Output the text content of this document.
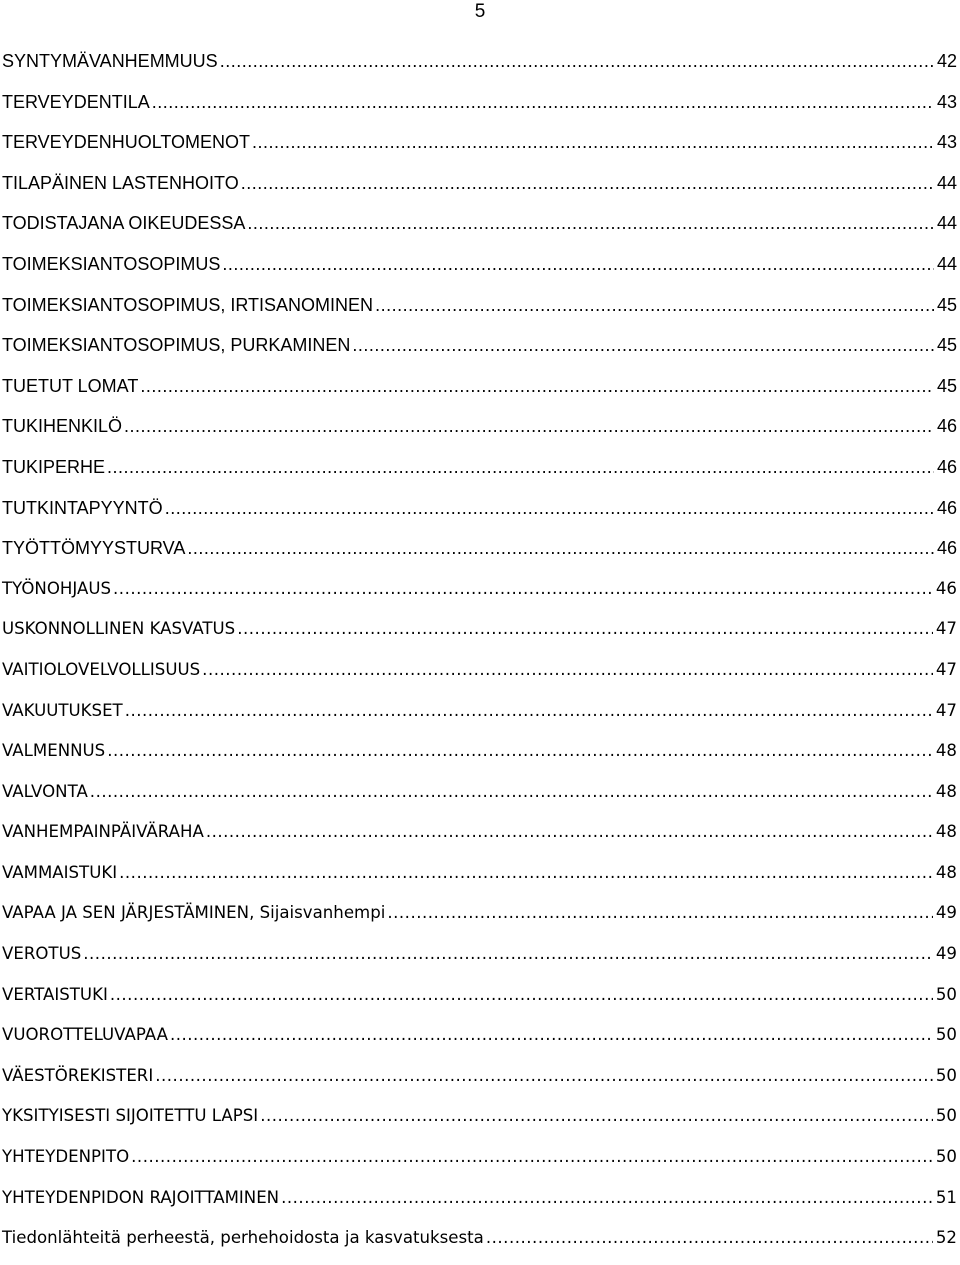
5
SYNTYMÄVANHEMMUUS .....	42
TERVEYDENTILA .....	43
TERVEYDENHUOLTOMENOT .....	43
TILAPÄINEN LASTENHOITO .....	44
TODISTAJANA OIKEUDESSA .....	44
TOIMEKSIANTOSOPIMUS .....	44
TOIMEKSIANTOSOPIMUS, IRTISANOMINEN .....	45
TOIMEKSIANTOSOPIMUS, PURKAMINEN .....	45
TUETUT LOMAT .....	45
TUKIHENKILÖ .....	46
TUKIPERHE .....	46
TUTKINTAPYYNTÖ .....	46
TYÖTTÖMYYSTURVA .....	46
TYÖNOHJAUS .....	46
USKONNOLLINEN KASVATUS .....	47
VAITIOLOVELVOLLISUUS .....	47
VAKUUTUKSET .....	47
VALMENNUS .....	48
VALVONTA .....	48
VANHEMPAINPÄIVÄRAHA .....	48
VAMMAISTUKI .....	48
VAPAA JA SEN JÄRJESTÄMINEN, Sijaisvanhempi .....	49
VEROTUS .....	49
VERTAISTUKI .....	50
VUOROTTELUVAPAA .....	50
VÄESTÖREKISTERI .....	50
YKSITYISESTI SIJOITETTU LAPSI .....	50
YHTEYDENPITO .....	50
YHTEYDENPIDON RAJOITTAMINEN .....	51
Tiedonlähteitä perheestä, perhehoidosta ja kasvatuksesta .....	52
